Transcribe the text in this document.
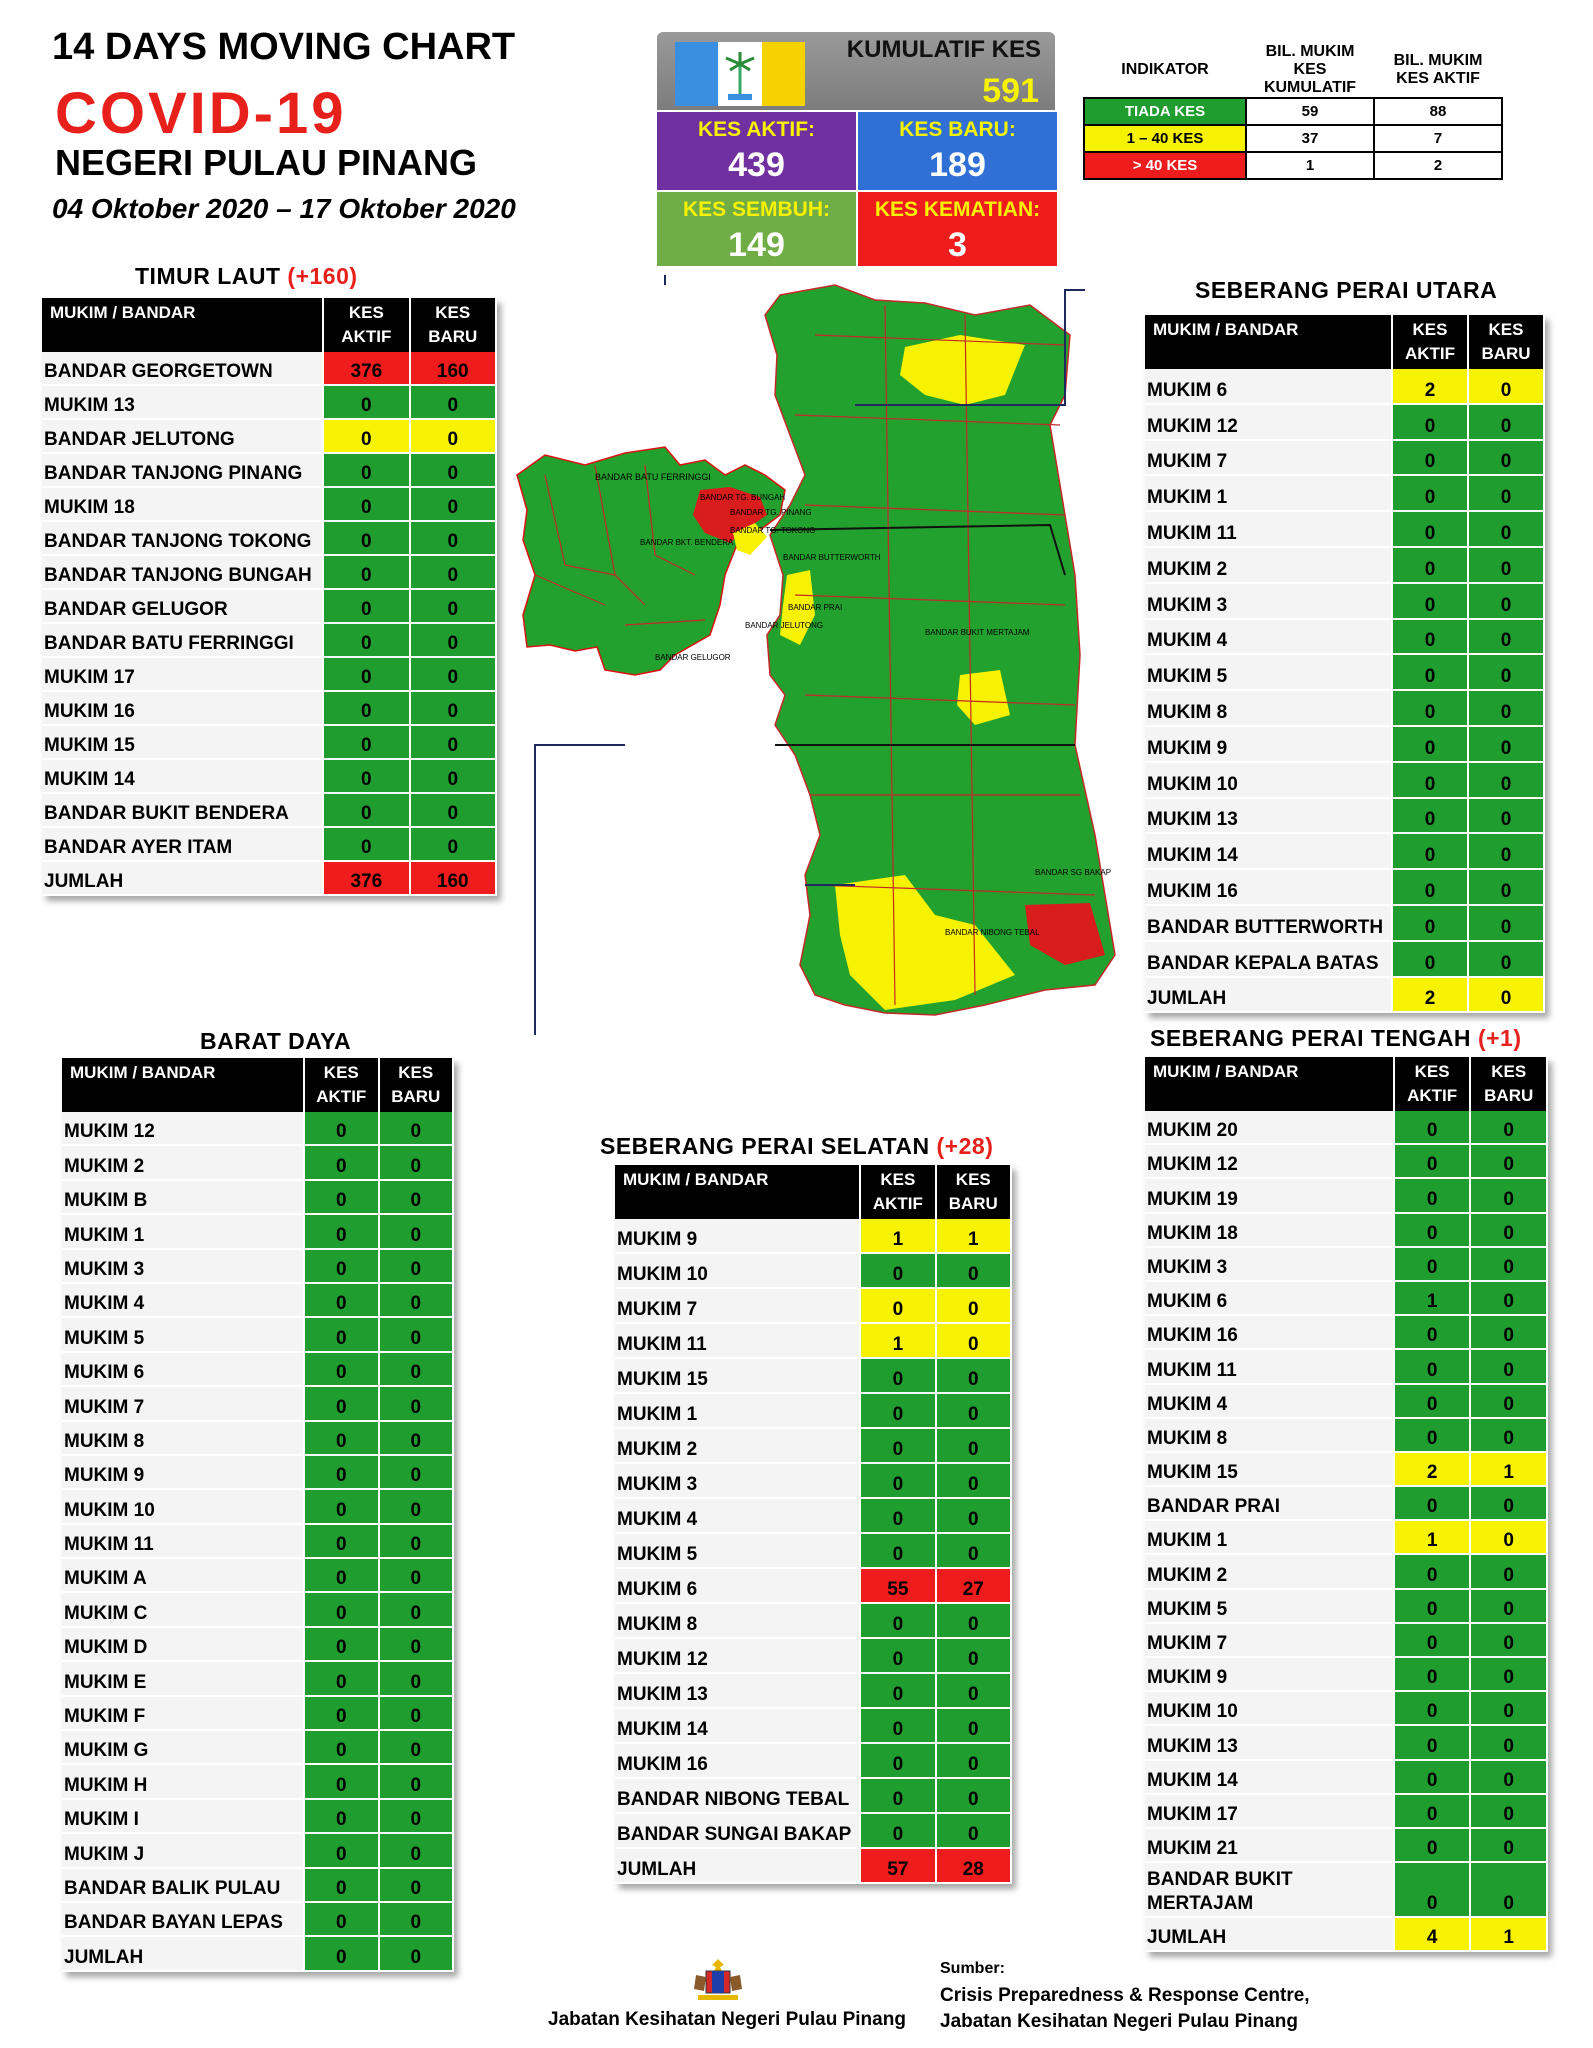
14 DAYS MOVING CHART
COVID-19
NEGERI PULAU PINANG
04 Oktober 2020 – 17 Oktober 2020
KUMULATIF KES
591
KES AKTIF:
439
KES BARU:
189
KES SEMBUH:
149
KES KEMATIAN:
3
INDIKATOR	BIL. MUKIM KES KUMULATIF	BIL. MUKIM KES AKTIF
TIADA KES	59	88
1 – 40 KES	37	7
> 40 KES	1	2
TIMUR LAUT (+160)
SEBERANG PERAI UTARA
BARAT DAYA
SEBERANG PERAI SELATAN (+28)
SEBERANG PERAI TENGAH (+1)
MUKIM / BANDAR	KES AKTIF	KES BARU
BANDAR GEORGETOWN	376	160
MUKIM 13	0	0
BANDAR JELUTONG	0	0
BANDAR TANJONG PINANG	0	0
MUKIM 18	0	0
BANDAR TANJONG TOKONG	0	0
BANDAR TANJONG BUNGAH	0	0
BANDAR GELUGOR	0	0
BANDAR BATU FERRINGGI	0	0
MUKIM 17	0	0
MUKIM 16	0	0
MUKIM 15	0	0
MUKIM 14	0	0
BANDAR BUKIT BENDERA	0	0
BANDAR AYER ITAM	0	0
JUMLAH	376	160
MUKIM / BANDAR	KES AKTIF	KES BARU
MUKIM 6	2	0
MUKIM 12	0	0
MUKIM 7	0	0
MUKIM 1	0	0
MUKIM 11	0	0
MUKIM 2	0	0
MUKIM 3	0	0
MUKIM 4	0	0
MUKIM 5	0	0
MUKIM 8	0	0
MUKIM 9	0	0
MUKIM 10	0	0
MUKIM 13	0	0
MUKIM 14	0	0
MUKIM 16	0	0
BANDAR BUTTERWORTH	0	0
BANDAR KEPALA BATAS	0	0
JUMLAH	2	0
MUKIM / BANDAR	KES AKTIF	KES BARU
MUKIM 12	0	0
MUKIM 2	0	0
MUKIM B	0	0
MUKIM 1	0	0
MUKIM 3	0	0
MUKIM 4	0	0
MUKIM 5	0	0
MUKIM 6	0	0
MUKIM 7	0	0
MUKIM 8	0	0
MUKIM 9	0	0
MUKIM 10	0	0
MUKIM 11	0	0
MUKIM A	0	0
MUKIM C	0	0
MUKIM D	0	0
MUKIM E	0	0
MUKIM F	0	0
MUKIM G	0	0
MUKIM H	0	0
MUKIM I	0	0
MUKIM J	0	0
BANDAR BALIK PULAU	0	0
BANDAR BAYAN LEPAS	0	0
JUMLAH	0	0
MUKIM / BANDAR	KES AKTIF	KES BARU
MUKIM 9	1	1
MUKIM 10	0	0
MUKIM 7	0	0
MUKIM 11	1	0
MUKIM 15	0	0
MUKIM 1	0	0
MUKIM 2	0	0
MUKIM 3	0	0
MUKIM 4	0	0
MUKIM 5	0	0
MUKIM 6	55	27
MUKIM 8	0	0
MUKIM 12	0	0
MUKIM 13	0	0
MUKIM 14	0	0
MUKIM 16	0	0
BANDAR NIBONG TEBAL	0	0
BANDAR SUNGAI BAKAP	0	0
JUMLAH	57	28
MUKIM / BANDAR	KES AKTIF	KES BARU
MUKIM 20	0	0
MUKIM 12	0	0
MUKIM 19	0	0
MUKIM 18	0	0
MUKIM 3	0	0
MUKIM 6	1	0
MUKIM 16	0	0
MUKIM 11	0	0
MUKIM 4	0	0
MUKIM 8	0	0
MUKIM 15	2	1
BANDAR PRAI	0	0
MUKIM 1	1	0
MUKIM 2	0	0
MUKIM 5	0	0
MUKIM 7	0	0
MUKIM 9	0	0
MUKIM 10	0	0
MUKIM 13	0	0
MUKIM 14	0	0
MUKIM 17	0	0
MUKIM 21	0	0
BANDAR BUKIT MERTAJAM	0	0
JUMLAH	4	1
BANDAR BATU FERRINGGI
BANDAR TG. BUNGAH
BANDAR TG. PINANG
BANDAR TG. TOKONG
BANDAR JELUTONG
BANDAR GELUGOR
BANDAR BKT. BENDERA
BANDAR BUTTERWORTH
BANDAR PRAI
BANDAR BUKIT MERTAJAM
BANDAR NIBONG TEBAL
BANDAR SG BAKAP
Jabatan Kesihatan Negeri Pulau Pinang
Sumber:
Crisis Preparedness & Response Centre,
Jabatan Kesihatan Negeri Pulau Pinang
